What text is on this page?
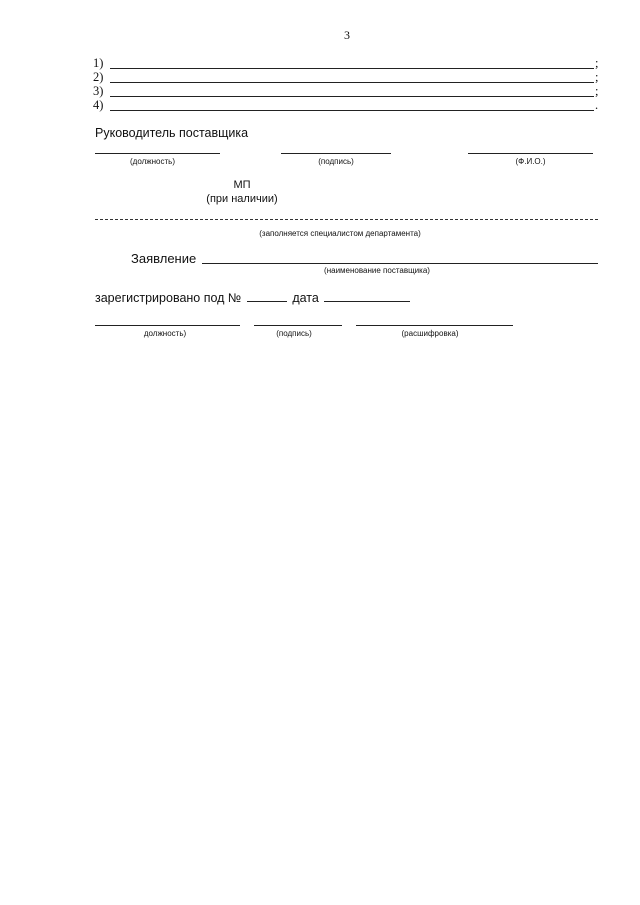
3
1)	;
2)	;
3)	;
4)	.
Руководитель поставщика
(должность)	(подпись)	(Ф.И.О.)
МП
(при наличии)
(заполняется специалистом департамента)
Заявление
(наименование поставщика)
зарегистрировано под №	дата
должность)	(подпись)	(расшифровка)
